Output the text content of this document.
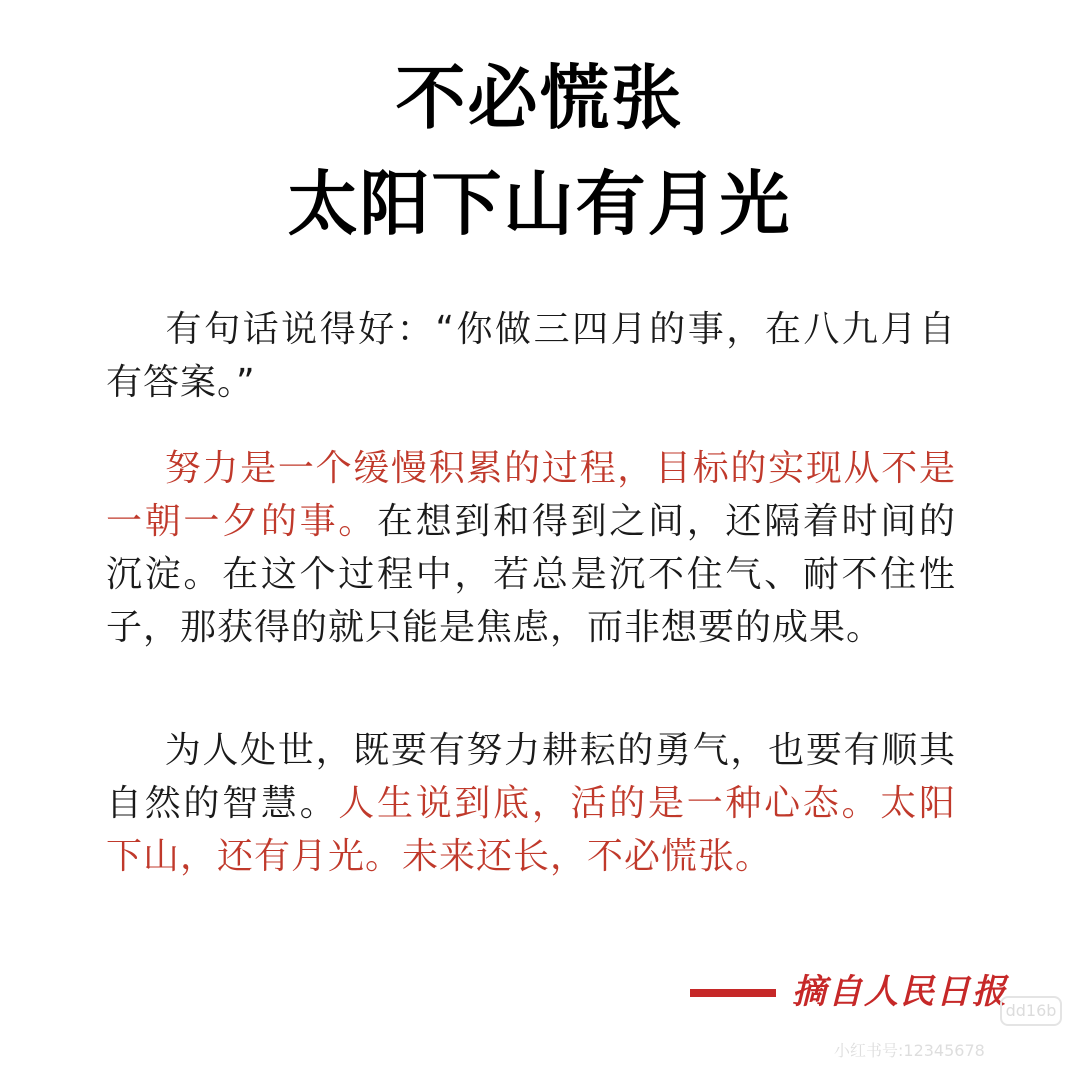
不必慌张
太阳下山有月光
有句话说得好：“你做三四月的事，在八九月自有答案。”
努力是一个缓慢积累的过程，目标的实现从不是一朝一夕的事。在想到和得到之间，还隔着时间的沉淀。在这个过程中，若总是沉不住气、耐不住性子，那获得的就只能是焦虑，而非想要的成果。
为人处世，既要有努力耕耘的勇气，也要有顺其自然的智慧。人生说到底，活的是一种心态。太阳下山，还有月光。未来还长，不必慌张。
摘自人民日报
dd16b
小红书号:12345678
